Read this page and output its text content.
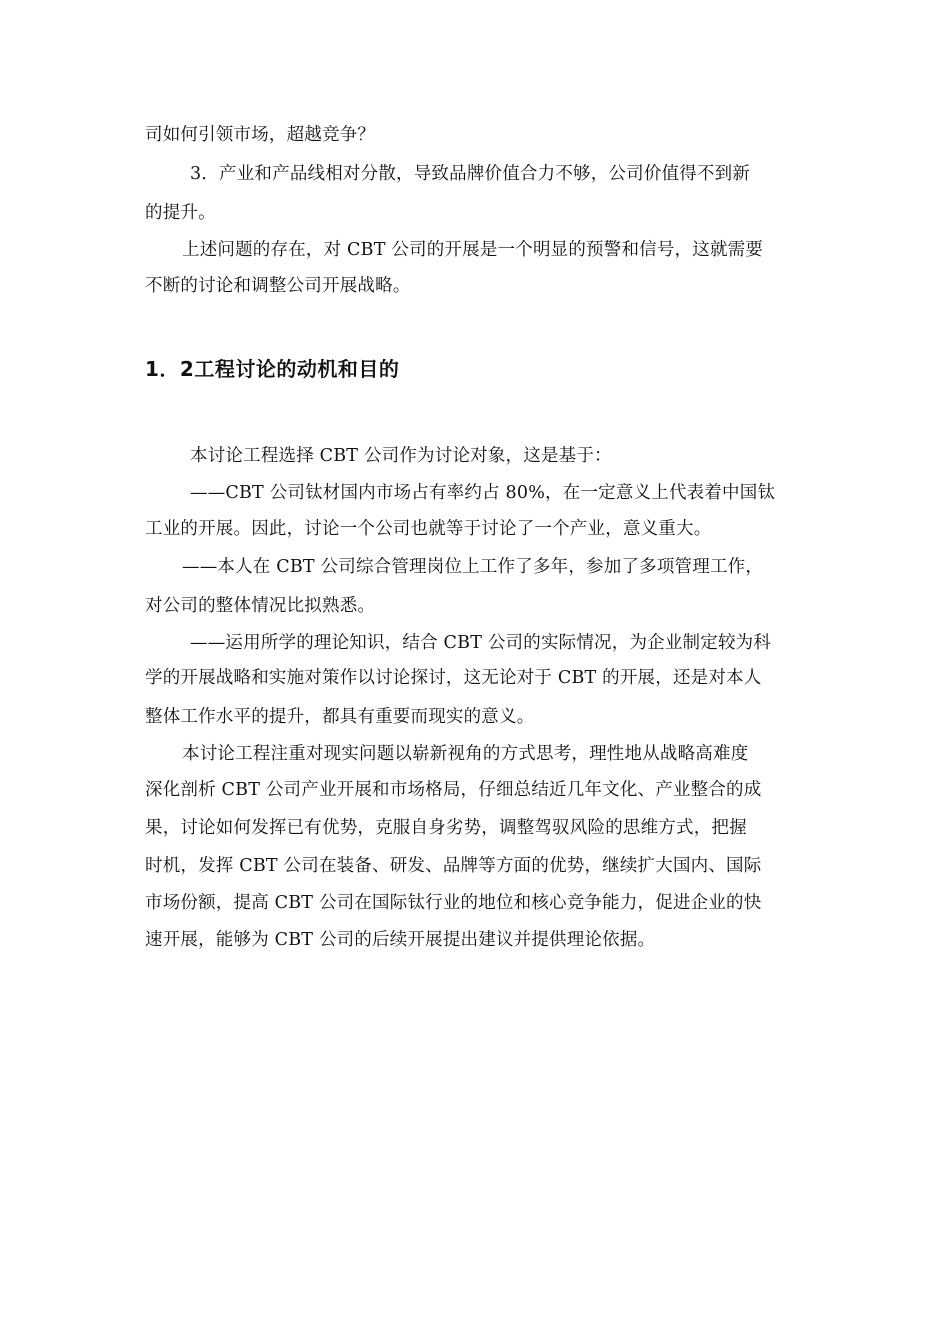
司如何引领市场，超越竞争？
3．产业和产品线相对分散，导致品牌价值合力不够，公司价值得不到新
的提升。
上述问题的存在，对 CBT 公司的开展是一个明显的预警和信号，这就需要
不断的讨论和调整公司开展战略。
1．2工程讨论的动机和目的
本讨论工程选择 CBT 公司作为讨论对象，这是基于：
——CBT 公司钛材国内市场占有率约占 80%，在一定意义上代表着中国钛
工业的开展。因此，讨论一个公司也就等于讨论了一个产业，意义重大。
——本人在 CBT 公司综合管理岗位上工作了多年，参加了多项管理工作，
对公司的整体情况比拟熟悉。
——运用所学的理论知识，结合 CBT 公司的实际情况，为企业制定较为科
学的开展战略和实施对策作以讨论探讨，这无论对于 CBT 的开展，还是对本人
整体工作水平的提升，都具有重要而现实的意义。
本讨论工程注重对现实问题以崭新视角的方式思考，理性地从战略高难度
深化剖析 CBT 公司产业开展和市场格局，仔细总结近几年文化、产业整合的成
果，讨论如何发挥已有优势，克服自身劣势，调整驾驭风险的思维方式，把握
时机，发挥 CBT 公司在装备、研发、品牌等方面的优势，继续扩大国内、国际
市场份额，提高 CBT 公司在国际钛行业的地位和核心竞争能力，促进企业的快
速开展，能够为 CBT 公司的后续开展提出建议并提供理论依据。
